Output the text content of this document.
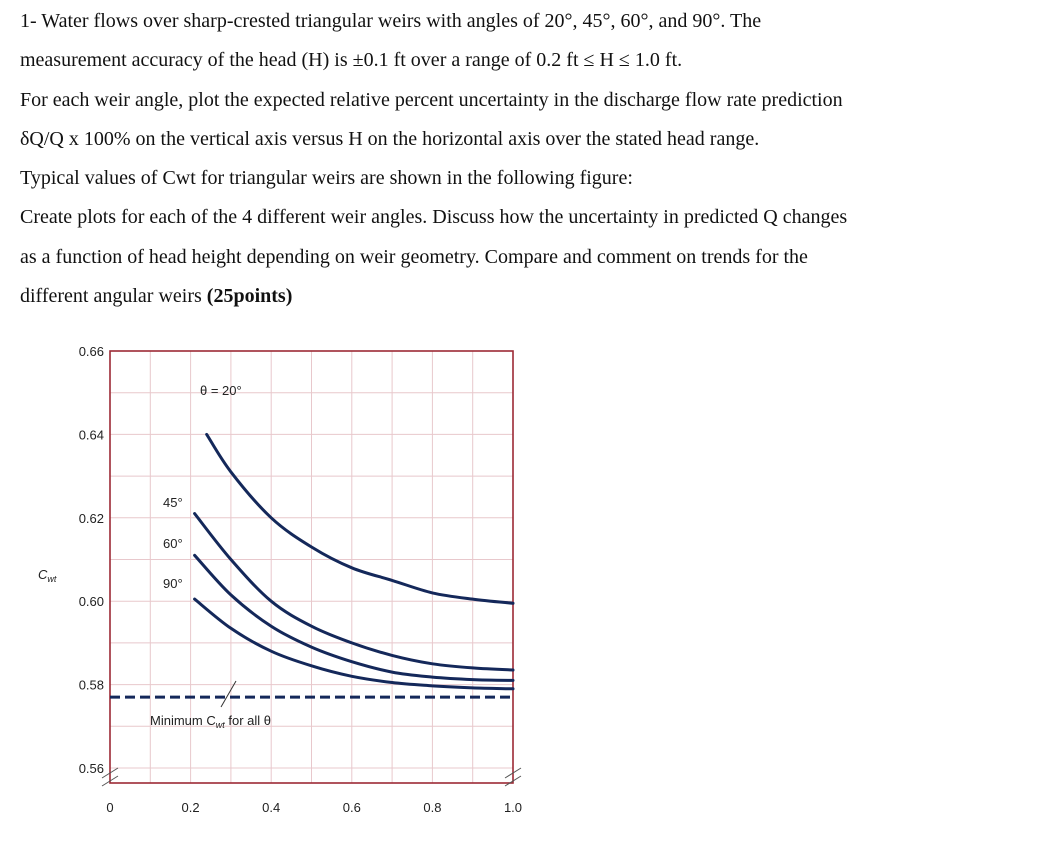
1- Water flows over sharp-crested triangular weirs with angles of 20°, 45°, 60°, and 90°. The

measurement accuracy of the head (H) is ±0.1 ft over a range of 0.2 ft ≤ H ≤ 1.0 ft.

For each weir angle, plot the expected relative percent uncertainty in the discharge flow rate prediction

δQ/Q x 100% on the vertical axis versus H on the horizontal axis over the stated head range.

Typical values of Cwt for triangular weirs are shown in the following figure:

Create plots for each of the 4 different weir angles. Discuss how the uncertainty in predicted Q changes

as a function of head height depending on weir geometry. Compare and comment on trends for the

different angular weirs (25points)

0	0.2	0.4	0.6	0.8	1.0
0.56
0.58
0.60
0.62
0.64
0.66
$C_{wt}$
θ = 20°
45°
60°
90°
Minimum $C_{wt}$ for all θ
